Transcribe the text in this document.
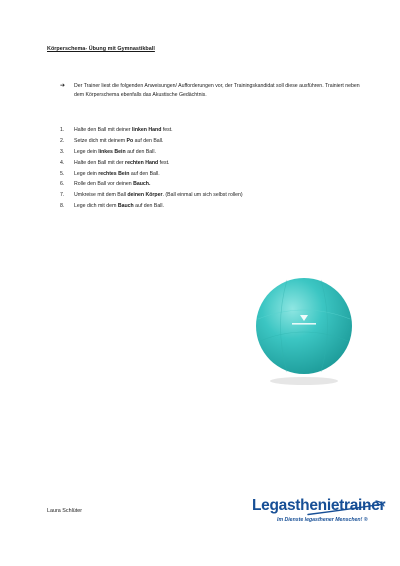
Körperschema- Übung mit Gymnastikball
➔ Der Trainer liest die folgenden Anweisungen/ Aufforderungen vor, der Trainingskandidat soll diese ausführen. Trainiert neben dem Körperschema ebenfalls das Akustische Gedächtnis.
1. Halte den Ball mit deiner linken Hand fest.
2. Setze dich mit deinem Po auf den Ball.
3. Lege dein linkes Bein auf den Ball.
4. Halte den Ball mit der rechten Hand fest.
5. Lege dein rechtes Bein auf den Ball.
6. Rolle den Ball vor deinen Bauch.
7. Umkreise mit dem Ball deinen Körper. (Ball einmal um sich selbst rollen)
8. Lege dich mit dem Bauch auf den Ball.
Laura Schlüter	Legasthenietrainer
Im Dienste legasthener Menschen! ®
